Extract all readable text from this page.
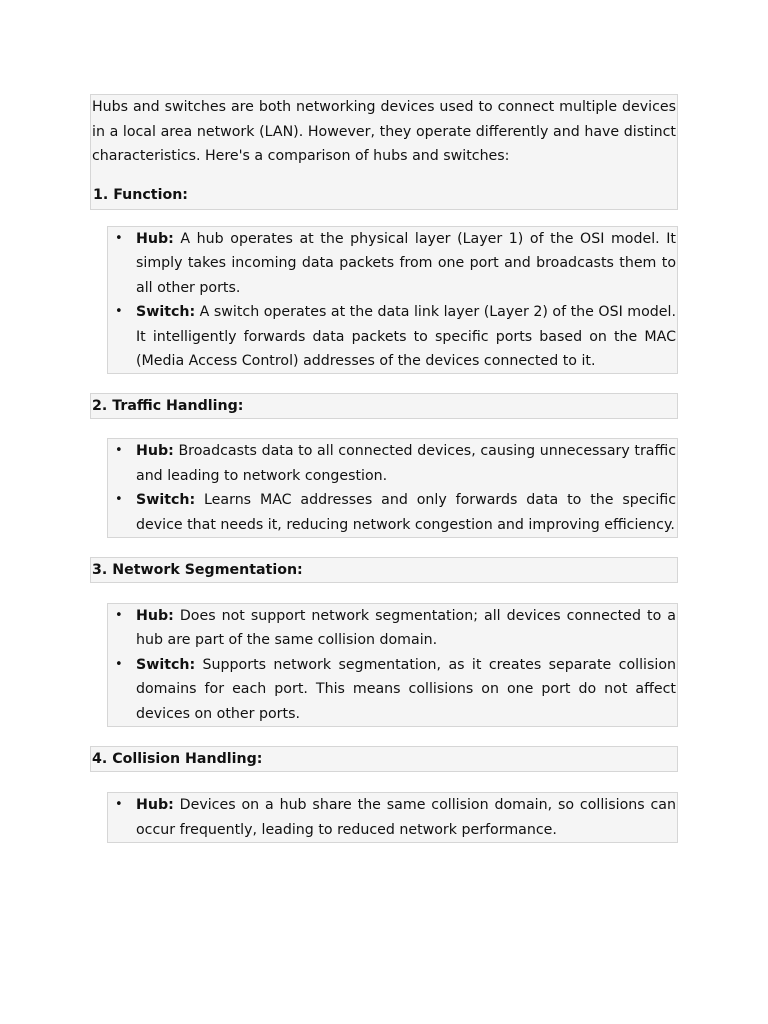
Hubs and switches are both networking devices used to connect multiple devices in a local area network (LAN). However, they operate differently and have distinct characteristics. Here's a comparison of hubs and switches:

1. Function:
• Hub: A hub operates at the physical layer (Layer 1) of the OSI model. It simply takes incoming data packets from one port and broadcasts them to all other ports.
• Switch: A switch operates at the data link layer (Layer 2) of the OSI model. It intelligently forwards data packets to specific ports based on the MAC (Media Access Control) addresses of the devices connected to it.
2. Traffic Handling:
• Hub: Broadcasts data to all connected devices, causing unnecessary traffic and leading to network congestion.
• Switch: Learns MAC addresses and only forwards data to the specific device that needs it, reducing network congestion and improving efficiency.
3. Network Segmentation:
• Hub: Does not support network segmentation; all devices connected to a hub are part of the same collision domain.
• Switch: Supports network segmentation, as it creates separate collision domains for each port. This means collisions on one port do not affect devices on other ports.
4. Collision Handling:
• Hub: Devices on a hub share the same collision domain, so collisions can occur frequently, leading to reduced network performance.
